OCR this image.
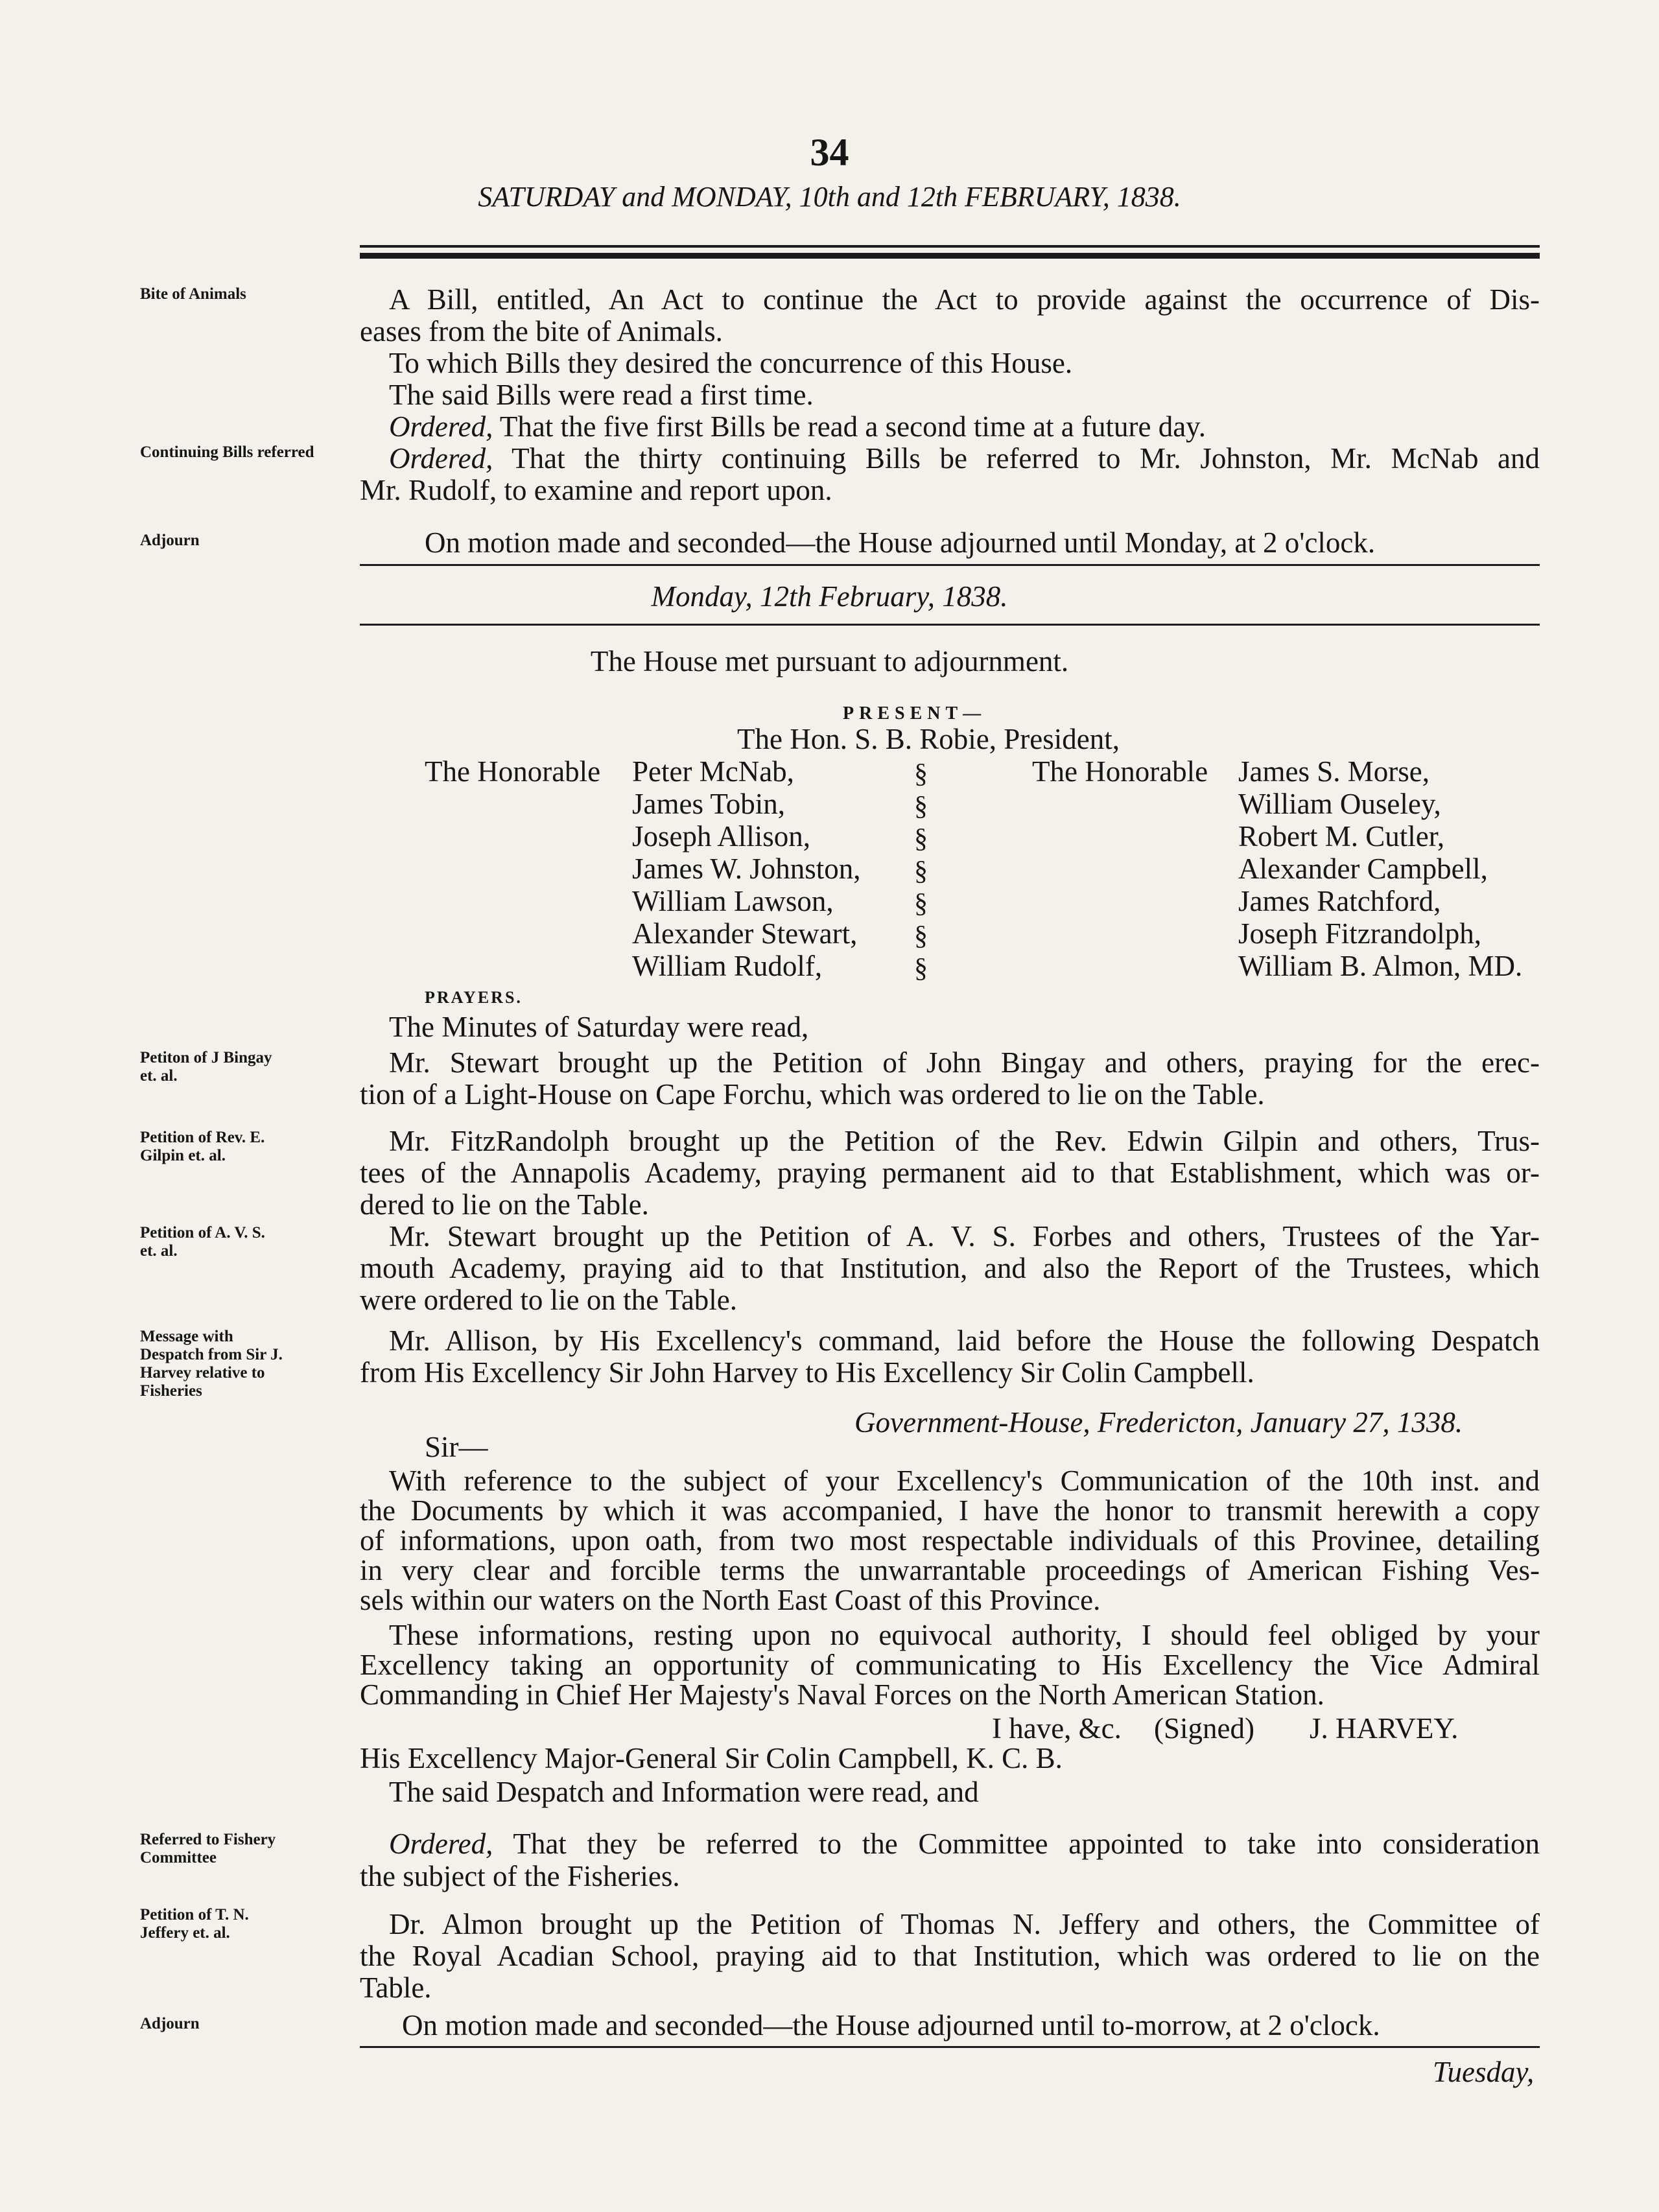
34
SATURDAY and MONDAY, 10th and 12th FEBRUARY, 1838.
Bite of Animals
Continuing Bills referred
Adjourn
Petiton of J Bingay et. al.
Petition of Rev. E. Gilpin et. al.
Petition of A. V. S. et. al.
Message with Despatch from Sir J. Harvey relative to Fisheries
Referred to Fishery Committee
Petition of T. N. Jeffery et. al.
Adjourn
A Bill, entitled, An Act to continue the Act to provide against the occurrence of Dis-
eases from the bite of Animals.
To which Bills they desired the concurrence of this House.
The said Bills were read a first time.
Ordered, That the five first Bills be read a second time at a future day.
Ordered, That the thirty continuing Bills be referred to Mr. Johnston, Mr. McNab and
Mr. Rudolf, to examine and report upon.
On motion made and seconded—the House adjourned until Monday, at 2 o'clock.
Monday, 12th February, 1838.
The House met pursuant to adjournment.
PRESENT—
The Hon. S. B. Robie, President,
The Honorable Peter McNab,
James Tobin,
Joseph Allison,
James W. Johnston,
William Lawson,
Alexander Stewart,
William Rudolf,
§
§
§
§
§
§
§
The Honorable James S. Morse,
William Ouseley,
Robert M. Cutler,
Alexander Campbell,
James Ratchford,
Joseph Fitzrandolph,
William B. Almon, MD.
PRAYERS.
The Minutes of Saturday were read,
Mr. Stewart brought up the Petition of John Bingay and others, praying for the erec-
tion of a Light-House on Cape Forchu, which was ordered to lie on the Table.
Mr. FitzRandolph brought up the Petition of the Rev. Edwin Gilpin and others, Trus-
tees of the Annapolis Academy, praying permanent aid to that Establishment, which was or-
dered to lie on the Table.
Mr. Stewart brought up the Petition of A. V. S. Forbes and others, Trustees of the Yar-
mouth Academy, praying aid to that Institution, and also the Report of the Trustees, which
were ordered to lie on the Table.
Mr. Allison, by His Excellency's command, laid before the House the following Despatch
from His Excellency Sir John Harvey to His Excellency Sir Colin Campbell.
Government-House, Fredericton, January 27, 1338.
Sir—
With reference to the subject of your Excellency's Communication of the 10th inst. and
the Documents by which it was accompanied, I have the honor to transmit herewith a copy
of informations, upon oath, from two most respectable individuals of this Provinee, detailing
in very clear and forcible terms the unwarrantable proceedings of American Fishing Ves-
sels within our waters on the North East Coast of this Province.
These informations, resting upon no equivocal authority, I should feel obliged by your
Excellency taking an opportunity of communicating to His Excellency the Vice Admiral
Commanding in Chief Her Majesty's Naval Forces on the North American Station.
I have, &c. (Signed) J. HARVEY.
His Excellency Major-General Sir Colin Campbell, K. C. B.
The said Despatch and Information were read, and
Ordered, That they be referred to the Committee appointed to take into consideration
the subject of the Fisheries.
Dr. Almon brought up the Petition of Thomas N. Jeffery and others, the Committee of
the Royal Acadian School, praying aid to that Institution, which was ordered to lie on the
Table.
On motion made and seconded—the House adjourned until to-morrow, at 2 o'clock.
Tuesday,
